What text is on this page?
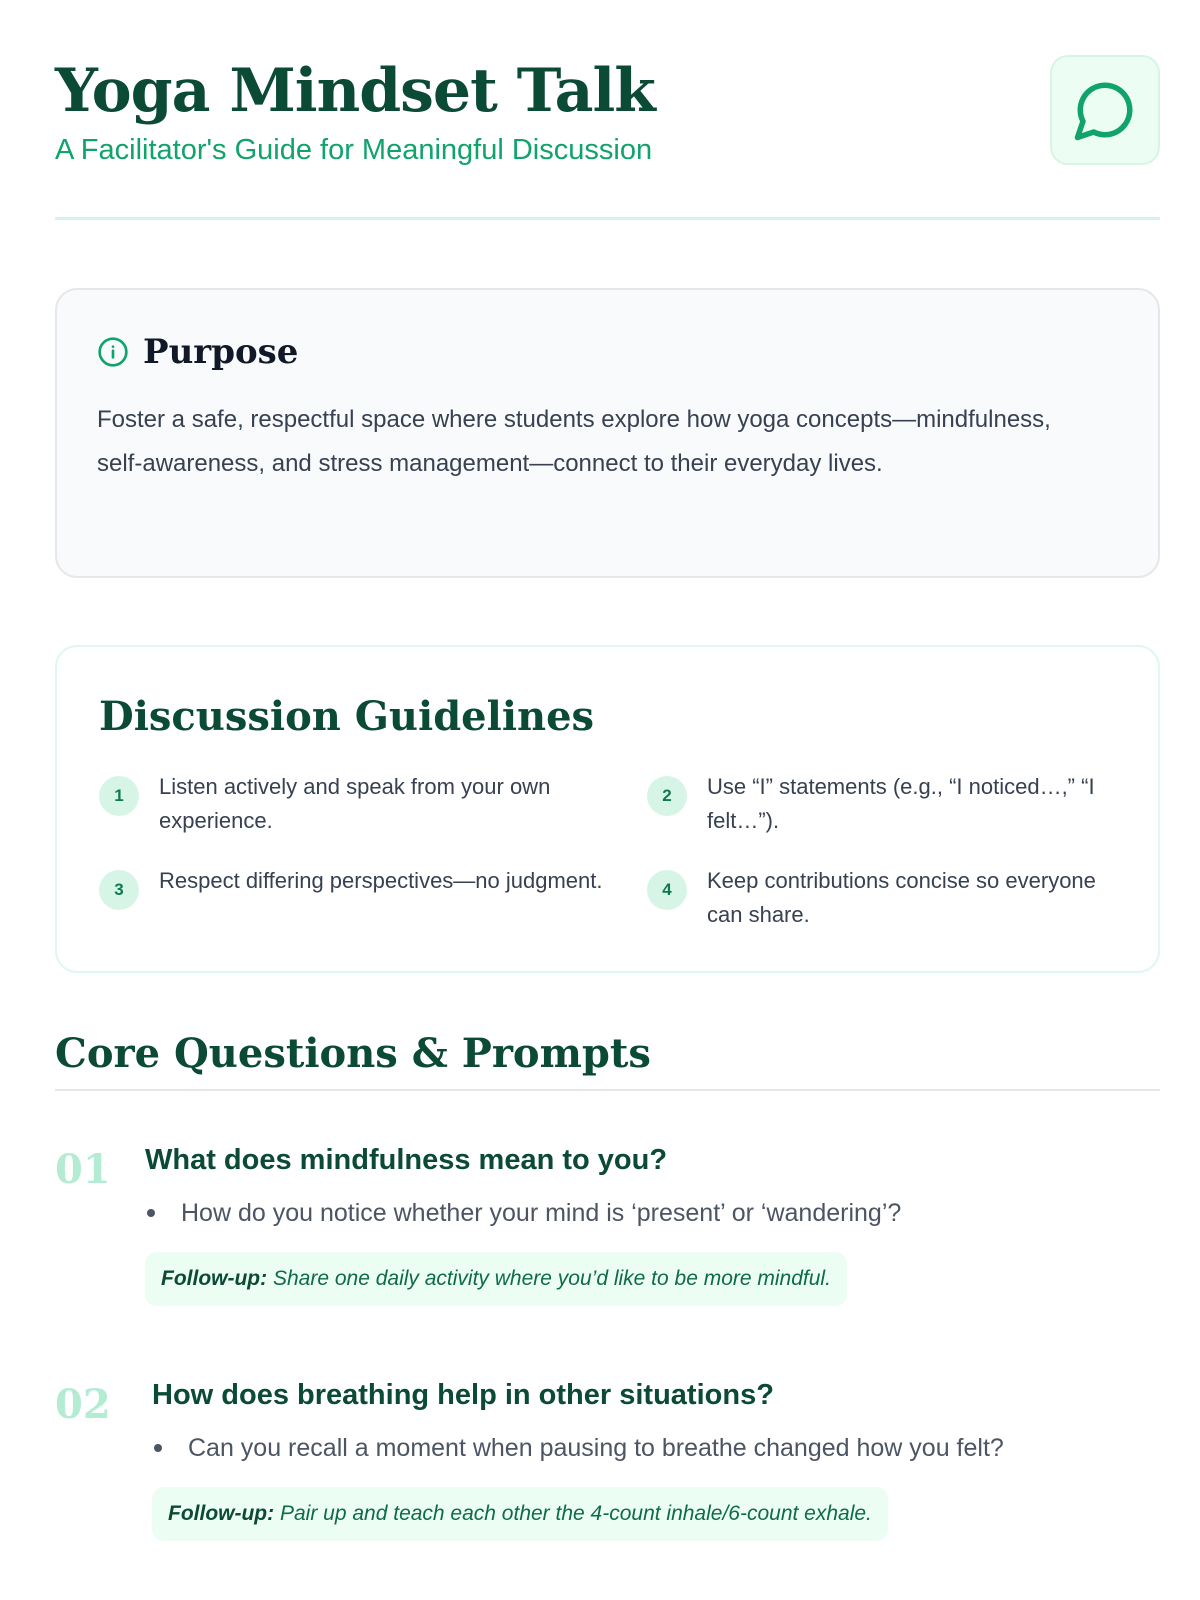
Yoga Mindset Talk
A Facilitator's Guide for Meaningful Discussion
Purpose

Foster a safe, respectful space where students explore how yoga concepts—mindfulness, self-awareness, and stress management—connect to their everyday lives.

Discussion Guidelines
1	Listen actively and speak from your own experience.
2	Use “I” statements (e.g., “I noticed…,” “I felt…”).
3	Respect differing perspectives—no judgment.	4	Keep contributions concise so everyone can share.
Core Questions & Prompts
01 What does mindfulness mean to you?
How do you notice whether your mind is ‘present’ or ‘wandering’?
Follow-up: Share one daily activity where you’d like to be more mindful.
02 How does breathing help in other situations?
Can you recall a moment when pausing to breathe changed how you felt?
Follow-up: Pair up and teach each other the 4-count inhale/6-count exhale.
